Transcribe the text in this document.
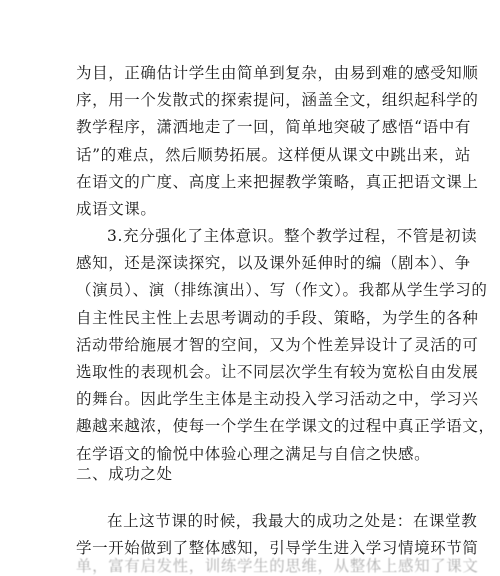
为目，正确估计学生由简单到复杂，由易到难的感受知顺
序，用一个发散式的探索提问，涵盖全文，组织起科学的
教学程序，潇洒地走了一回，简单地突破了感悟“语中有
话”的难点，然后顺势拓展。这样便从课文中跳出来，站
在语文的广度、高度上来把握教学策略，真正把语文课上
成语文课。
3.充分强化了主体意识。整个教学过程，不管是初读
感知，还是深读探究，以及课外延伸时的编（剧本）、争
（演员）、演（排练演出）、写（作文）。我都从学生学习的
自主性民主性上去思考调动的手段、策略，为学生的各种
活动带给施展才智的空间，又为个性差异设计了灵活的可
选取性的表现机会。让不同层次学生有较为宽松自由发展
的舞台。因此学生主体是主动投入学习活动之中，学习兴
趣越来越浓，使每一个学生在学课文的过程中真正学语文，
在学语文的愉悦中体验心理之满足与自信之快感。
二、成功之处
在上这节课的时候，我最大的成功之处是：在课堂教
学一开始做到了整体感知，引导学生进入学习情境环节简
单，富有启发性，训练学生的思维，从整体上感知了课文
